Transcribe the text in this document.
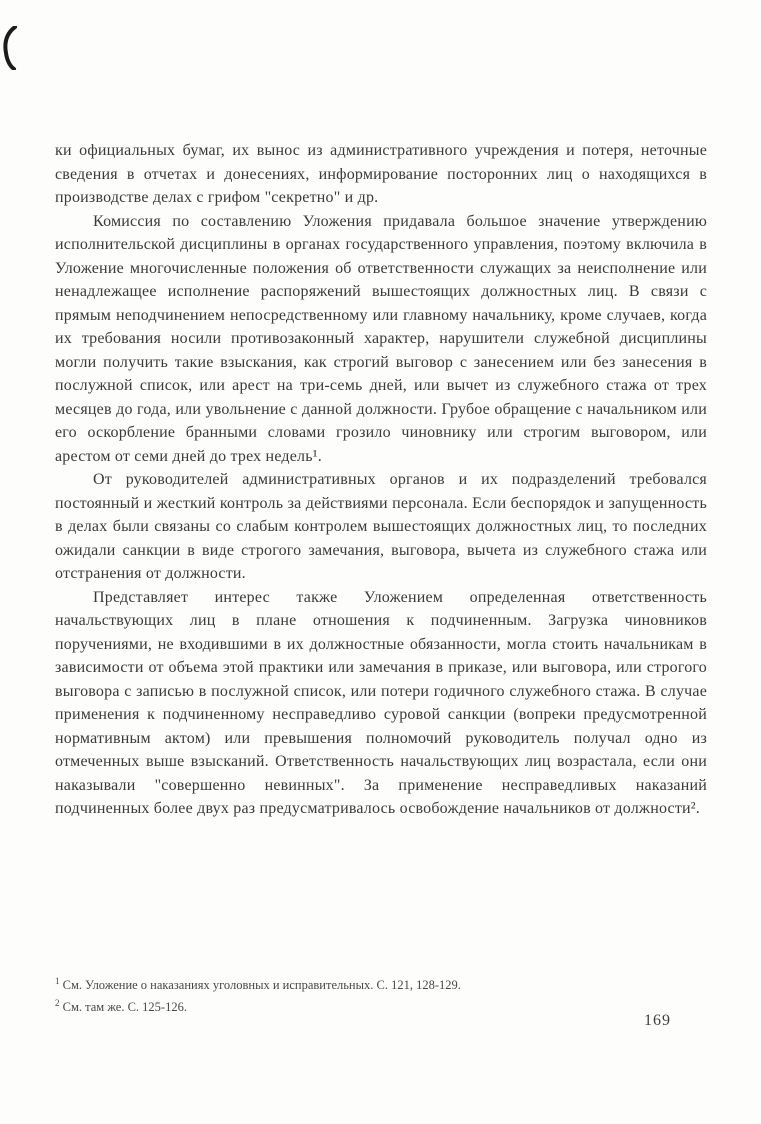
ки официальных бумаг, их вынос из административного учреждения и потеря, неточные сведения в отчетах и донесениях, информирование посторонних лиц о находящихся в производстве делах с грифом "секретно" и др.

Комиссия по составлению Уложения придавала большое значение утверждению исполнительской дисциплины в органах государственного управления, поэтому включила в Уложение многочисленные положения об ответственности служащих за неисполнение или ненадлежащее исполнение распоряжений вышестоящих должностных лиц. В связи с прямым неподчинением непосредственному или главному начальнику, кроме случаев, когда их требования носили противозаконный характер, нарушители служебной дисциплины могли получить такие взыскания, как строгий выговор с занесением или без занесения в послужной список, или арест на три-семь дней, или вычет из служебного стажа от трех месяцев до года, или увольнение с данной должности. Грубое обращение с начальником или его оскорбление бранными словами грозило чиновнику или строгим выговором, или арестом от семи дней до трех недель¹.

От руководителей административных органов и их подразделений требовался постоянный и жесткий контроль за действиями персонала. Если беспорядок и запущенность в делах были связаны со слабым контролем вышестоящих должностных лиц, то последних ожидали санкции в виде строгого замечания, выговора, вычета из служебного стажа или отстранения от должности.

Представляет интерес также Уложением определенная ответственность начальствующих лиц в плане отношения к подчиненным. Загрузка чиновников поручениями, не входившими в их должностные обязанности, могла стоить начальникам в зависимости от объема этой практики или замечания в приказе, или выговора, или строгого выговора с записью в послужной список, или потери годичного служебного стажа. В случае применения к подчиненному несправедливо суровой санкции (вопреки предусмотренной нормативным актом) или превышения полномочий руководитель получал одно из отмеченных выше взысканий. Ответственность начальствующих лиц возрастала, если они наказывали "совершенно невинных". За применение несправедливых наказаний подчиненных более двух раз предусматривалось освобождение начальников от должности².

$^1$ См. Уложение о наказаниях уголовных и исправительных. С. 121, 128-129.

$^2$ См. там же. С. 125-126.

169
